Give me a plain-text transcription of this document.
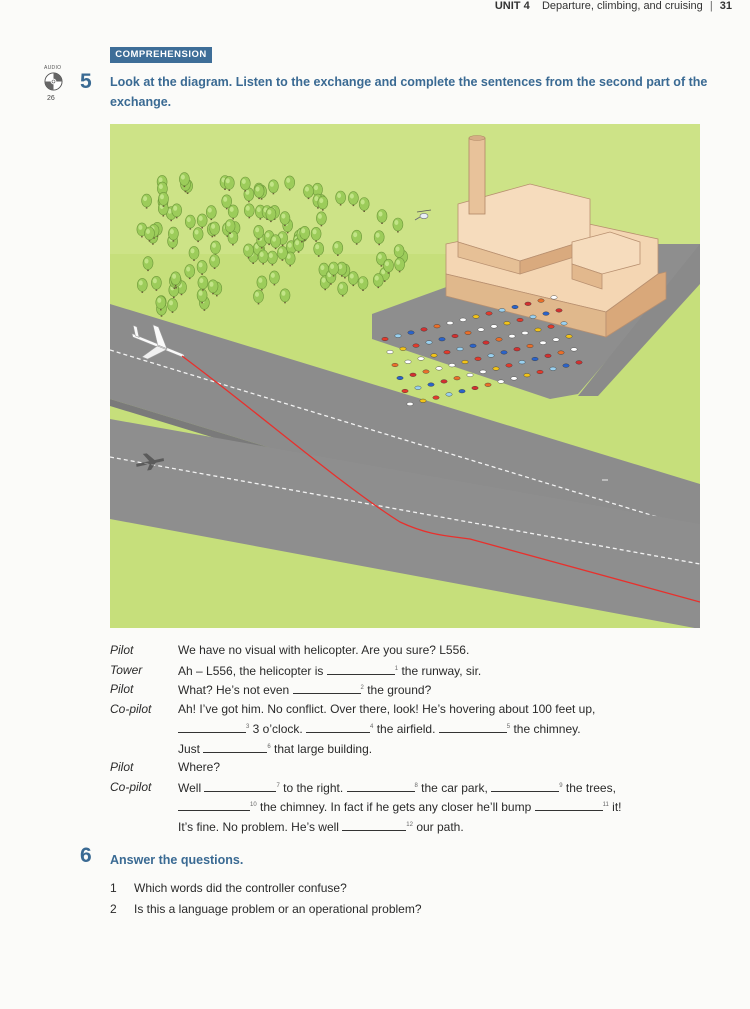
UNIT 4 Departure, climbing, and cruising | 31
COMPREHENSION
AUDIO
26
5 Look at the diagram. Listen to the exchange and complete the sentences from the second part of the exchange.
Pilot	We have no visual with helicopter. Are you sure? L556.
Tower	Ah – L556, the helicopter is	$^1$ the runway, sir.
Pilot	What? He’s not even	$^2$ the ground?
Co-pilot	Ah! I’ve got him. No conflict. Over there, look! He’s hovering about 100 feet up,
$^3$ 3 o’clock.	$^4$ the airfield.	$^5$ the chimney.
Just	$^6$ that large building.
Pilot	Where?
Co-pilot	Well	$^7$ to the right.	$^8$ the car park,	$^9$ the trees,
$^{10}$ the chimney. In fact if he gets any closer he’ll bump	$^{11}$ it!
It’s fine. No problem. He’s well	$^{12}$ our path.
6 Answer the questions.
1 Which words did the controller confuse?
2 Is this a language problem or an operational problem?
